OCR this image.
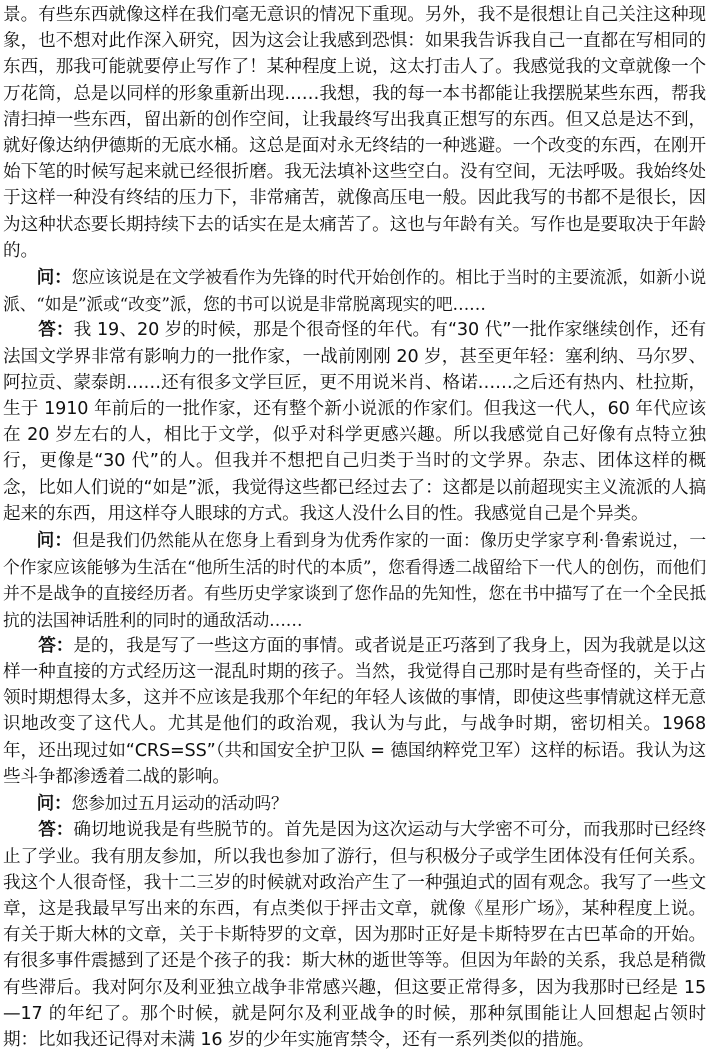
景。有些东西就像这样在我们毫无意识的情况下重现。另外，我不是很想让自己关注这种现象，也不想对此作深入研究，因为这会让我感到恐惧：如果我告诉我自己一直都在写相同的东西，那我可能就要停止写作了！某种程度上说，这太打击人了。我感觉我的文章就像一个万花筒，总是以同样的形象重新出现……我想，我的每一本书都能让我摆脱某些东西，帮我清扫掉一些东西，留出新的创作空间，让我最终写出我真正想写的东西。但又总是达不到，就好像达纳伊德斯的无底水桶。这总是面对永无终结的一种逃避。一个改变的东西，在刚开始下笔的时候写起来就已经很折磨。我无法填补这些空白。没有空间，无法呼吸。我始终处于这样一种没有终结的压力下，非常痛苦，就像高压电一般。因此我写的书都不是很长，因为这种状态要长期持续下去的话实在是太痛苦了。这也与年龄有关。写作也是要取决于年龄的。

问：您应该说是在文学被看作为先锋的时代开始创作的。相比于当时的主要流派，如新小说派、“如是”派或“改变”派，您的书可以说是非常脱离现实的吧……

答：我 19、20 岁的时候，那是个很奇怪的年代。有“30 代”一批作家继续创作，还有法国文学界非常有影响力的一批作家，一战前刚刚 20 岁，甚至更年轻：塞利纳、马尔罗、阿拉贡、蒙泰朗……还有很多文学巨匠，更不用说米肖、格诺……之后还有热内、杜拉斯，生于 1910 年前后的一批作家，还有整个新小说派的作家们。但我这一代人，60 年代应该在 20 岁左右的人，相比于文学，似乎对科学更感兴趣。所以我感觉自己好像有点特立独行，更像是“30 代”的人。但我并不想把自己归类于当时的文学界。杂志、团体这样的概念，比如人们说的“如是”派，我觉得这些都已经过去了：这都是以前超现实主义流派的人搞起来的东西，用这样夺人眼球的方式。我这人没什么目的性。我感觉自己是个异类。

问：但是我们仍然能从在您身上看到身为优秀作家的一面：像历史学家亨利·鲁索说过，一个作家应该能够为生活在“他所生活的时代的本质”，您看得透二战留给下一代人的创伤，而他们并不是战争的直接经历者。有些历史学家谈到了您作品的先知性，您在书中描写了在一个全民抵抗的法国神话胜利的同时的通敌活动……

答：是的，我是写了一些这方面的事情。或者说是正巧落到了我身上，因为我就是以这样一种直接的方式经历这一混乱时期的孩子。当然，我觉得自己那时是有些奇怪的，关于占领时期想得太多，这并不应该是我那个年纪的年轻人该做的事情，即使这些事情就这样无意识地改变了这代人。尤其是他们的政治观，我认为与此，与战争时期，密切相关。1968 年，还出现过如“CRS=SS”（共和国安全护卫队 = 德国纳粹党卫军）这样的标语。我认为这些斗争都渗透着二战的影响。

问：您参加过五月运动的活动吗？

答：确切地说我是有些脱节的。首先是因为这次运动与大学密不可分，而我那时已经终止了学业。我有朋友参加，所以我也参加了游行，但与积极分子或学生团体没有任何关系。我这个人很奇怪，我十二三岁的时候就对政治产生了一种强迫式的固有观念。我写了一些文章，这是我最早写出来的东西，有点类似于抨击文章，就像《星形广场》，某种程度上说。有关于斯大林的文章，关于卡斯特罗的文章，因为那时正好是卡斯特罗在古巴革命的开始。有很多事件震撼到了还是个孩子的我：斯大林的逝世等等。但因为年龄的关系，我总是稍微有些滞后。我对阿尔及利亚独立战争非常感兴趣，但这要正常得多，因为我那时已经是 15—17 的年纪了。那个时候，就是阿尔及利亚战争的时候，那种氛围能让人回想起占领时期：比如我还记得对未满 16 岁的少年实施宵禁令，还有一系列类似的措施。
